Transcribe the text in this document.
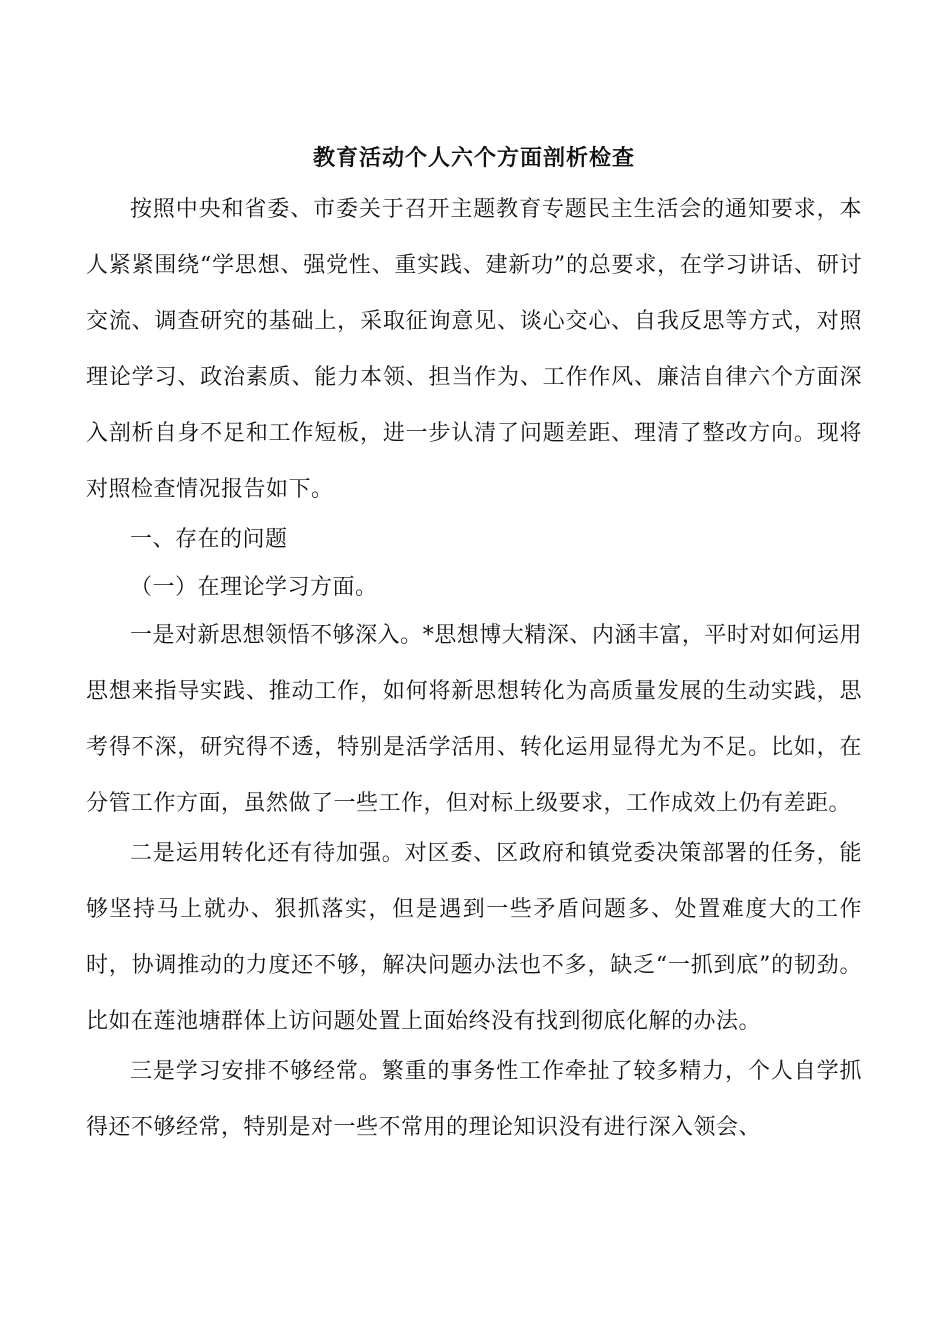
教育活动个人六个方面剖析检查

按照中央和省委、市委关于召开主题教育专题民主生活会的通知要求，本人紧紧围绕“学思想、强党性、重实践、建新功”的总要求，在学习讲话、研讨交流、调查研究的基础上，采取征询意见、谈心交心、自我反思等方式，对照理论学习、政治素质、能力本领、担当作为、工作作风、廉洁自律六个方面深入剖析自身不足和工作短板，进一步认清了问题差距、理清了整改方向。现将对照检查情况报告如下。

一、存在的问题

（一）在理论学习方面。

一是对新思想领悟不够深入。*思想博大精深、内涵丰富，平时对如何运用思想来指导实践、推动工作，如何将新思想转化为高质量发展的生动实践，思考得不深，研究得不透，特别是活学活用、转化运用显得尤为不足。比如，在分管工作方面，虽然做了一些工作，但对标上级要求，工作成效上仍有差距。

二是运用转化还有待加强。对区委、区政府和镇党委决策部署的任务，能够坚持马上就办、狠抓落实，但是遇到一些矛盾问题多、处置难度大的工作时，协调推动的力度还不够，解决问题办法也不多，缺乏“一抓到底”的韧劲。比如在莲池塘群体上访问题处置上面始终没有找到彻底化解的办法。

三是学习安排不够经常。繁重的事务性工作牵扯了较多精力，个人自学抓得还不够经常，特别是对一些不常用的理论知识没有进行深入领会、
